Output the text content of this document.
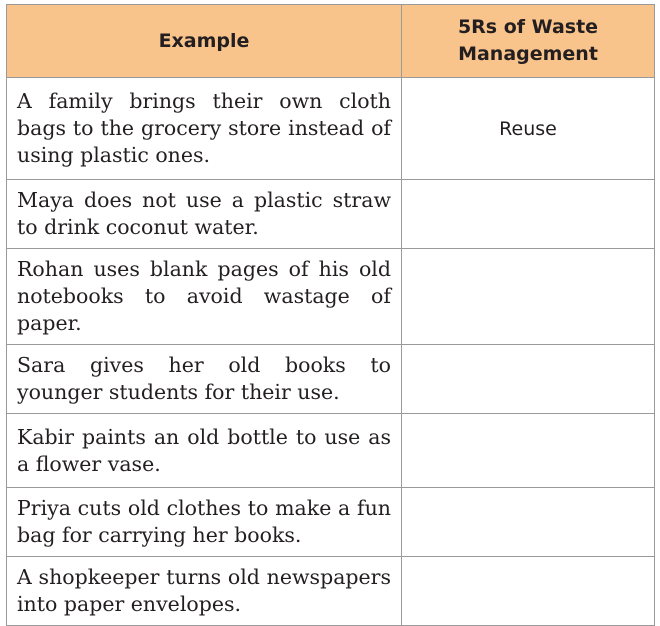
Example	5Rs of Waste Management
A family brings their own cloth bags to the grocery store instead of using plastic ones.	Reuse
Maya does not use a plastic straw to drink coconut water.	
Rohan uses blank pages of his old notebooks to avoid wastage of paper.	
Sara gives her old books to younger students for their use.	
Kabir paints an old bottle to use as a flower vase.	
Priya cuts old clothes to make a fun bag for carrying her books.	
A shopkeeper turns old newspapers into paper envelopes.	
